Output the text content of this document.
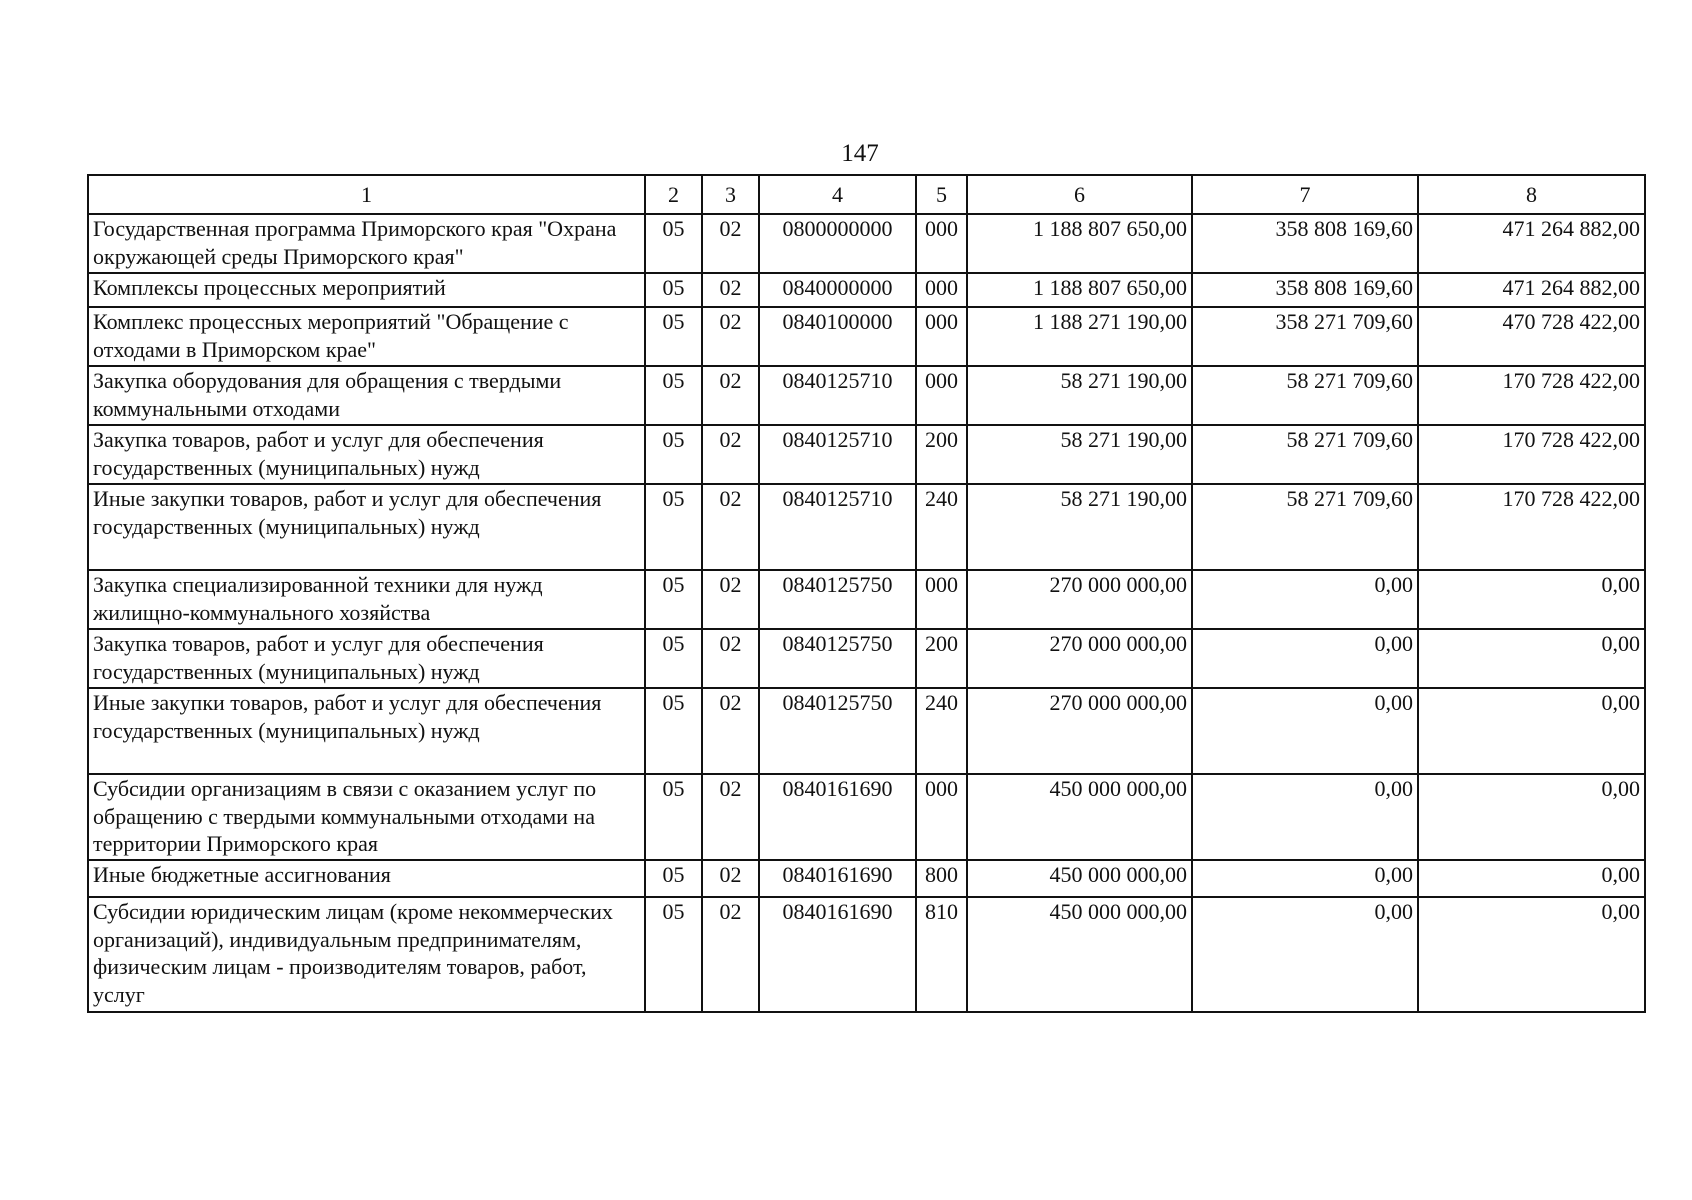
147
1	2	3	4	5	6	7	8
Государственная программа Приморского края "Охрана окружающей среды Приморского края"	05	02	0800000000	000	1 188 807 650,00	358 808 169,60	471 264 882,00
Комплексы процессных мероприятий	05	02	0840000000	000	1 188 807 650,00	358 808 169,60	471 264 882,00
Комплекс процессных мероприятий "Обращение с отходами в Приморском крае"	05	02	0840100000	000	1 188 271 190,00	358 271 709,60	470 728 422,00
Закупка оборудования для обращения с твердыми коммунальными отходами	05	02	0840125710	000	58 271 190,00	58 271 709,60	170 728 422,00
Закупка товаров, работ и услуг для обеспечения государственных (муниципальных) нужд	05	02	0840125710	200	58 271 190,00	58 271 709,60	170 728 422,00
Иные закупки товаров, работ и услуг для обеспечения государственных (муниципальных) нужд	05	02	0840125710	240	58 271 190,00	58 271 709,60	170 728 422,00
Закупка специализированной техники для нужд жилищно-коммунального хозяйства	05	02	0840125750	000	270 000 000,00	0,00	0,00
Закупка товаров, работ и услуг для обеспечения государственных (муниципальных) нужд	05	02	0840125750	200	270 000 000,00	0,00	0,00
Иные закупки товаров, работ и услуг для обеспечения государственных (муниципальных) нужд	05	02	0840125750	240	270 000 000,00	0,00	0,00
Субсидии организациям в связи с оказанием услуг по обращению с твердыми коммунальными отходами на территории Приморского края	05	02	0840161690	000	450 000 000,00	0,00	0,00
Иные бюджетные ассигнования	05	02	0840161690	800	450 000 000,00	0,00	0,00
Субсидии юридическим лицам (кроме некоммерческих организаций), индивидуальным предпринимателям, физическим лицам - производителям товаров, работ, услуг	05	02	0840161690	810	450 000 000,00	0,00	0,00
